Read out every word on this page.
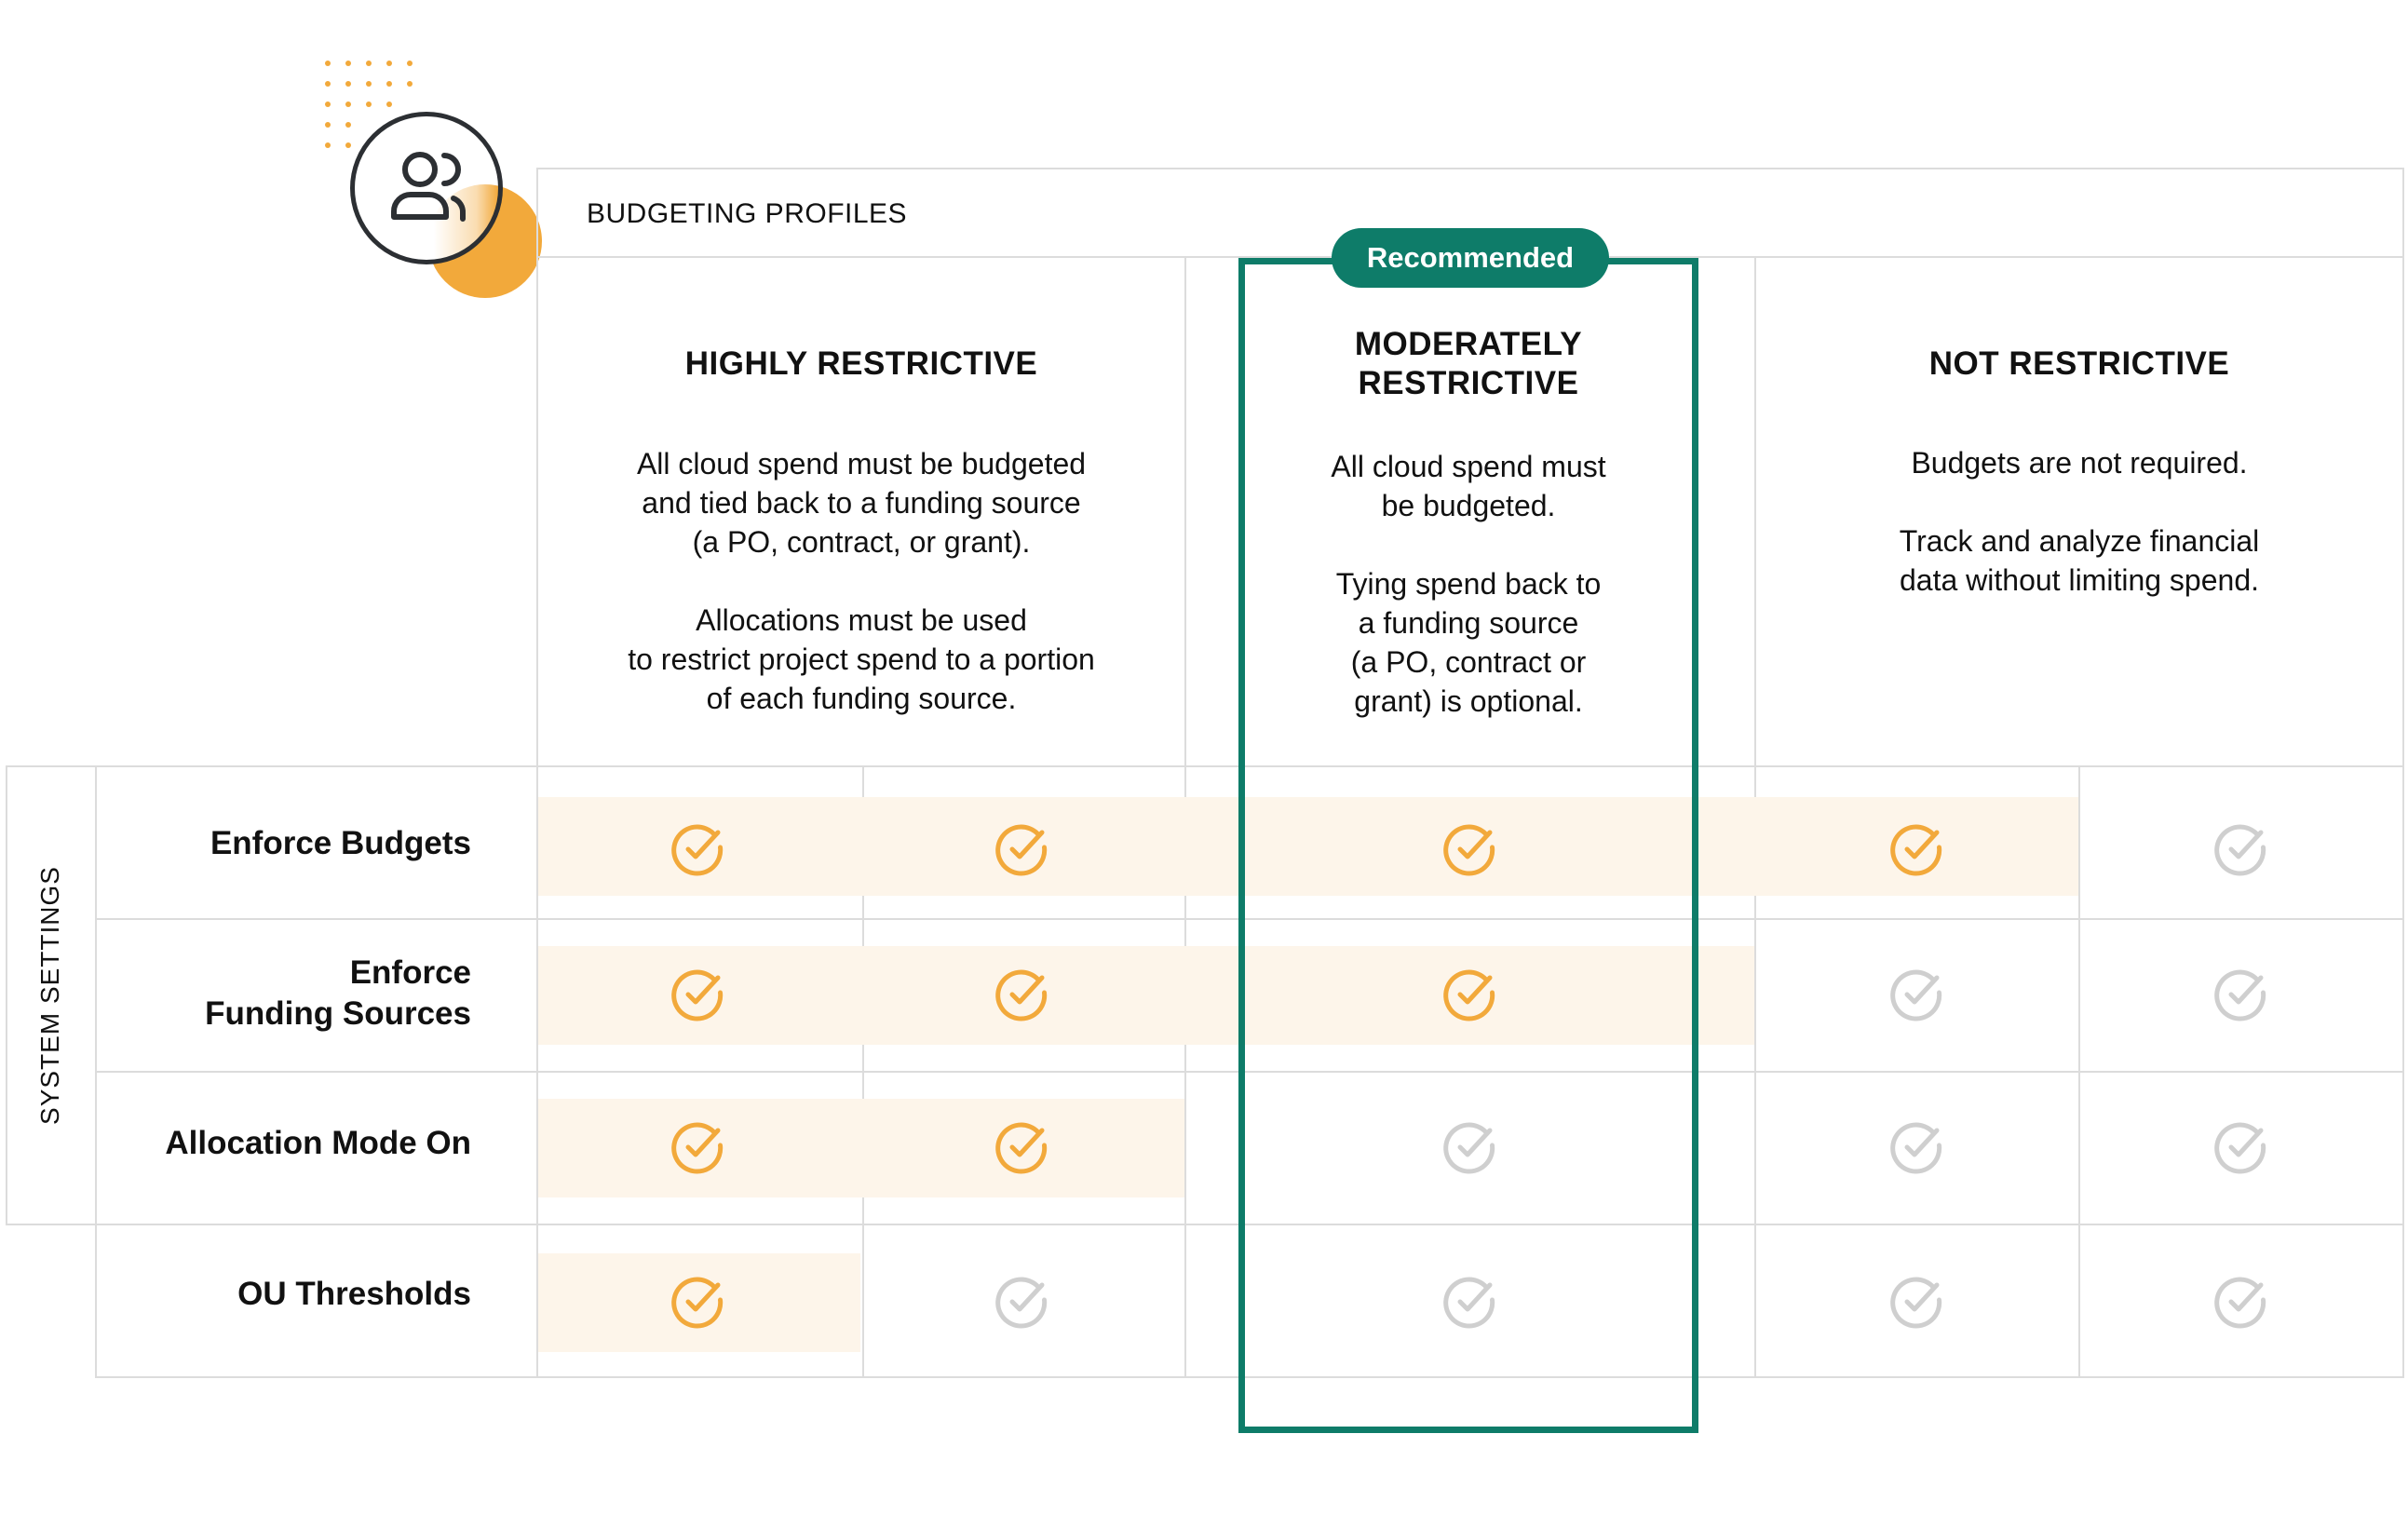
BUDGETING PROFILES
HIGHLY RESTRICTIVE
All cloud spend must be budgeted
and tied back to a funding source
(a PO, contract, or grant).

Allocations must be used
to restrict project spend to a portion
of each funding source.
MODERATELY
RESTRICTIVE
All cloud spend must
be budgeted.

Tying spend back to
a funding source
(a PO, contract or
grant) is optional.
NOT RESTRICTIVE
Budgets are not required.

Track and analyze financial
data without limiting spend.
SYSTEM SETTINGS
Enforce Budgets
Enforce
Funding Sources
Allocation Mode On
OU Thresholds
Recommended
